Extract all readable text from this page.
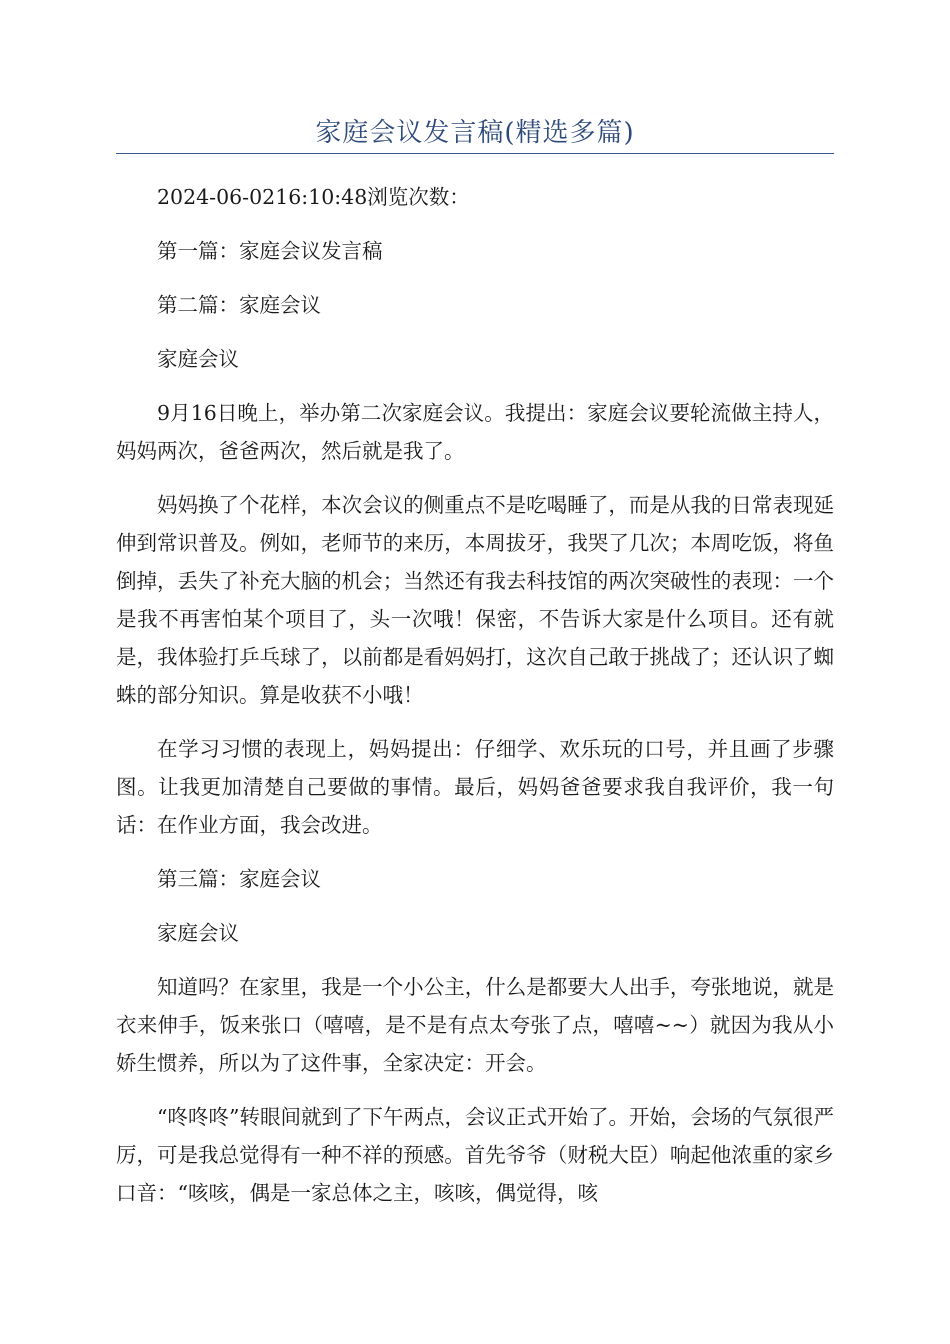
家庭会议发言稿(精选多篇)

2024-06-0216:10:48浏览次数：

第一篇：家庭会议发言稿

第二篇：家庭会议

家庭会议

9月16日晚上，举办第二次家庭会议。我提出：家庭会议要轮流做主持人，妈妈两次，爸爸两次，然后就是我了。

妈妈换了个花样，本次会议的侧重点不是吃喝睡了，而是从我的日常表现延伸到常识普及。例如，老师节的来历，本周拔牙，我哭了几次；本周吃饭，将鱼倒掉，丢失了补充大脑的机会；当然还有我去科技馆的两次突破性的表现：一个是我不再害怕某个项目了，头一次哦！保密，不告诉大家是什么项目。还有就是，我体验打乒乓球了，以前都是看妈妈打，这次自己敢于挑战了；还认识了蜘蛛的部分知识。算是收获不小哦！

在学习习惯的表现上，妈妈提出：仔细学、欢乐玩的口号，并且画了步骤图。让我更加清楚自己要做的事情。最后，妈妈爸爸要求我自我评价，我一句话：在作业方面，我会改进。

第三篇：家庭会议

家庭会议

知道吗？在家里，我是一个小公主，什么是都要大人出手，夸张地说，就是衣来伸手，饭来张口（嘻嘻，是不是有点太夸张了点，嘻嘻~~）就因为我从小娇生惯养，所以为了这件事，全家决定：开会。

“咚咚咚”转眼间就到了下午两点，会议正式开始了。开始，会场的气氛很严厉，可是我总觉得有一种不祥的预感。首先爷爷（财税大臣）响起他浓重的家乡口音：“咳咳，偶是一家总体之主，咳咳，偶觉得，咳
